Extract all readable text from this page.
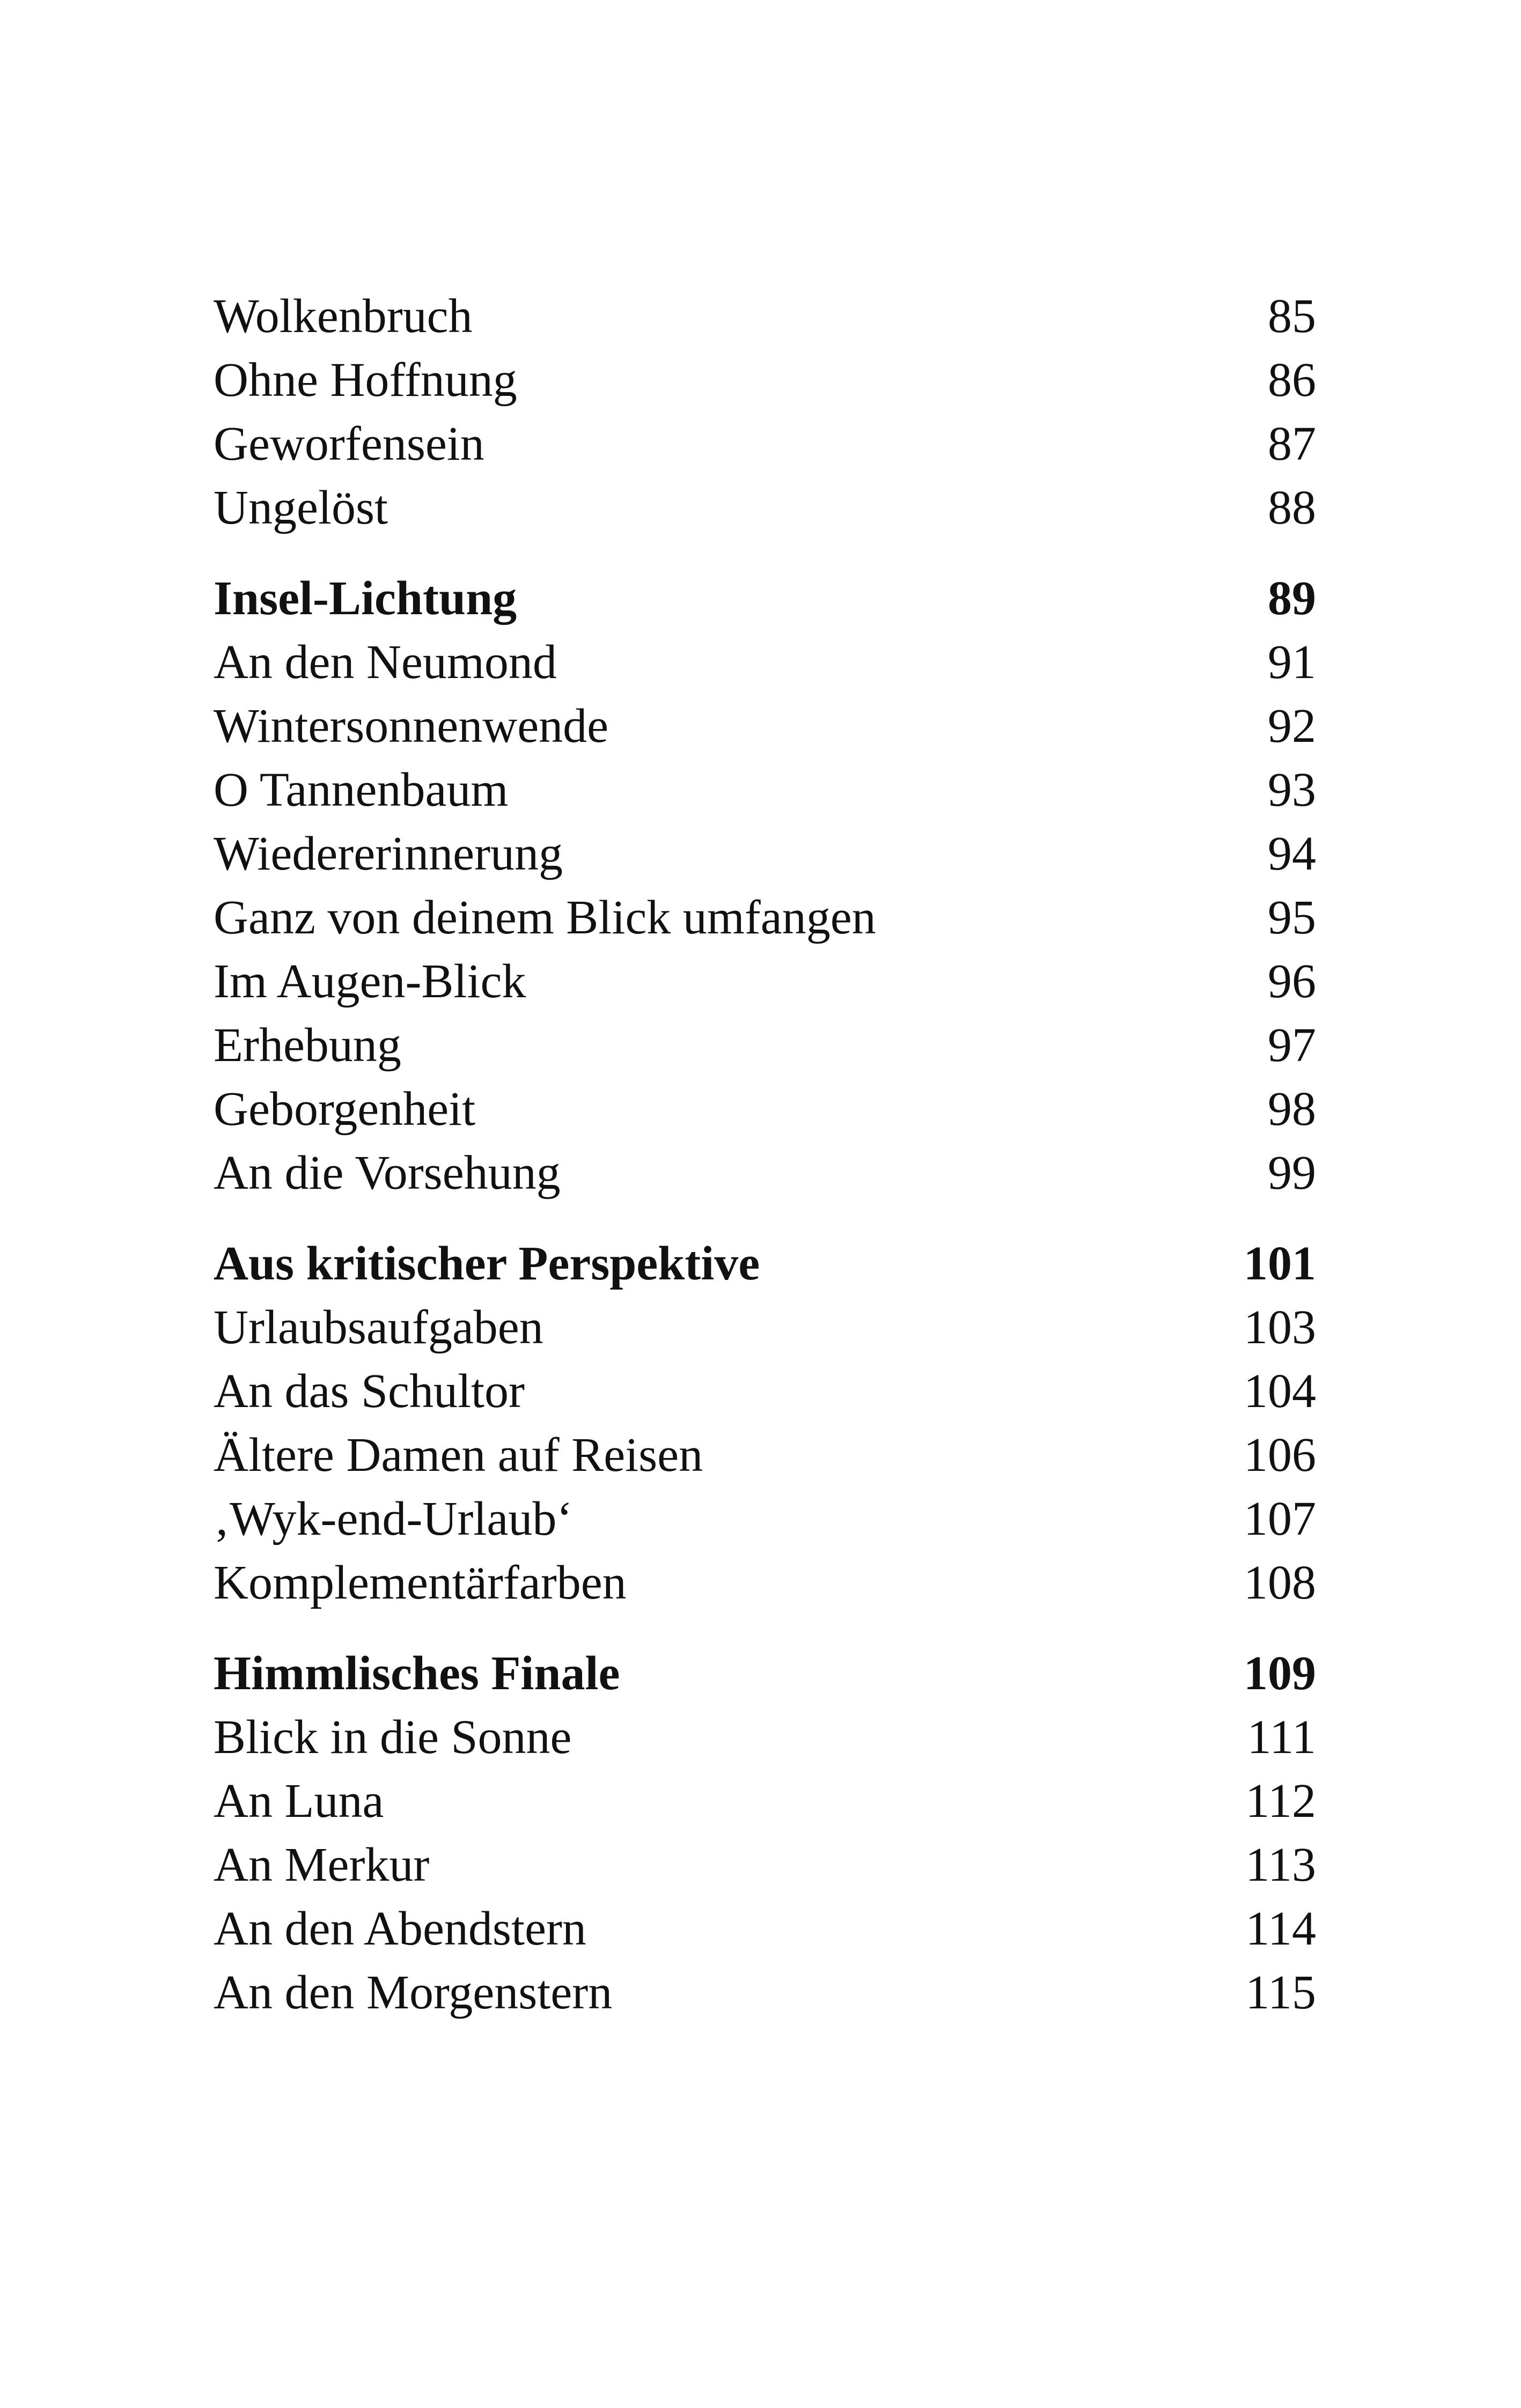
Wolkenbruch	85
Ohne Hoffnung	86
Geworfensein	87
Ungelöst	88
Insel-Lichtung	89
An den Neumond	91
Wintersonnenwende	92
O Tannenbaum	93
Wiedererinnerung	94
Ganz von deinem Blick umfangen	95
Im Augen-Blick	96
Erhebung	97
Geborgenheit	98
An die Vorsehung	99
Aus kritischer Perspektive	101
Urlaubsaufgaben	103
An das Schultor	104
Ältere Damen auf Reisen	106
‚Wyk-end-Urlaub‘	107
Komplementärfarben	108
Himmlisches Finale	109
Blick in die Sonne	111
An Luna	112
An Merkur	113
An den Abendstern	114
An den Morgenstern	115
